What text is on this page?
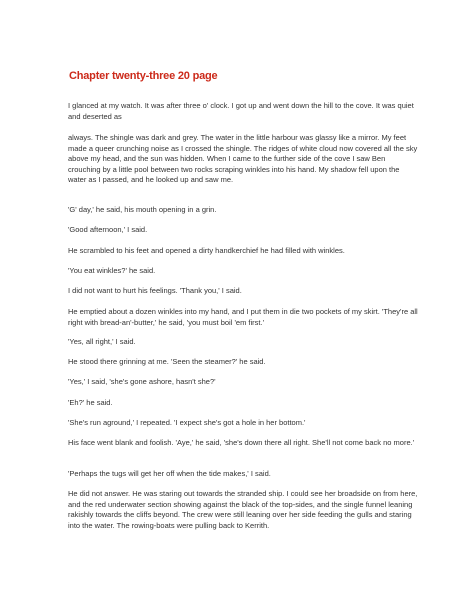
Chapter twenty-three 20 page

I glanced at my watch. It was after three o' clock. I got up and went down the hill to the cove. It was quiet and deserted as

always. The shingle was dark and grey. The water in the little harbour was glassy like a mirror. My feet made a queer crunching noise as I crossed the shingle. The ridges of white cloud now covered all the sky above my head, and the sun was hidden. When I came to the further side of the cove I saw Ben crouching by a little pool between two rocks scraping winkles into his hand. My shadow fell upon the water as I passed, and he looked up and saw me.

'G' day,' he said, his mouth opening in a grin.

'Good afternoon,' I said.

He scrambled to his feet and opened a dirty handkerchief he had filled with winkles.

'You eat winkles?' he said.

I did not want to hurt his feelings. 'Thank you,' I said.

He emptied about a dozen winkles into my hand, and I put them in die two pockets of my skirt. 'They're all right with bread-an'-butter,' he said, 'you must boil 'em first.'

'Yes, all right,' I said.

He stood there grinning at me. 'Seen the steamer?' he said.

'Yes,' I said, 'she's gone ashore, hasn't she?'

'Eh?' he said.

'She's run aground,' I repeated. 'I expect she's got a hole in her bottom.'

His face went blank and foolish. 'Aye,' he said, 'she's down there all right. She'll not come back no more.'

'Perhaps the tugs will get her off when the tide makes,' I said.

He did not answer. He was staring out towards the stranded ship. I could see her broadside on from here, and the red underwater section showing against the black of the top-sides, and the single funnel leaning rakishly towards the cliffs beyond. The crew were still leaning over her side feeding the gulls and staring into the water. The rowing-boats were pulling back to Kerrith.
